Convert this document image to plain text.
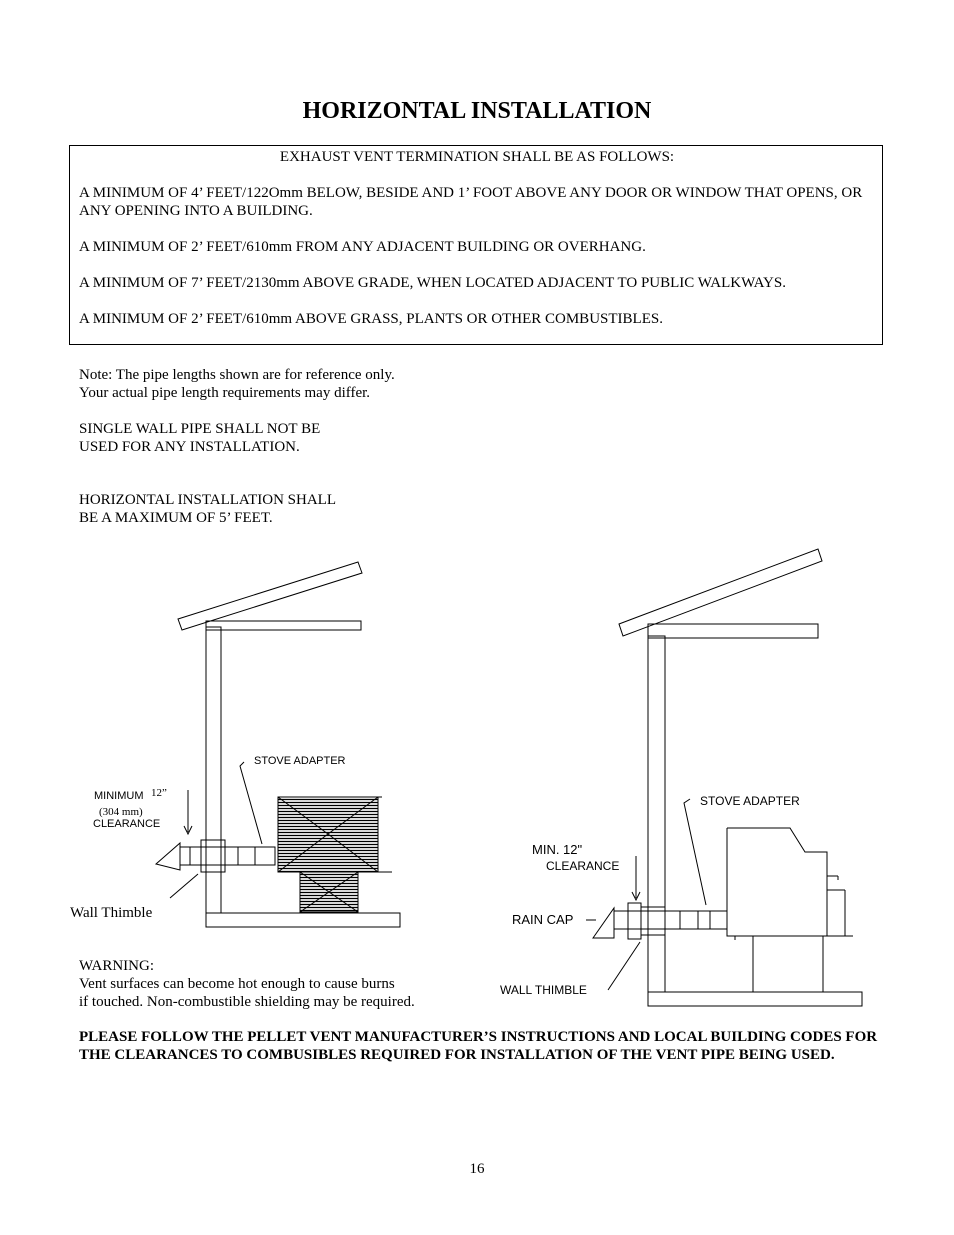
HORIZONTAL INSTALLATION
EXHAUST VENT TERMINATION SHALL BE AS FOLLOWS:
A MINIMUM OF 4’ FEET/122Omm BELOW, BESIDE AND 1’ FOOT ABOVE ANY DOOR OR WINDOW THAT OPENS, OR ANY OPENING INTO A BUILDING.
A MINIMUM OF 2’ FEET/610mm FROM ANY ADJACENT BUILDING OR OVERHANG.
A MINIMUM OF 7’ FEET/2130mm ABOVE GRADE, WHEN LOCATED ADJACENT TO PUBLIC WALKWAYS.
A MINIMUM OF 2’ FEET/610mm ABOVE GRASS, PLANTS OR OTHER COMBUSTIBLES.
Note: The pipe lengths shown are for reference only.
Your actual pipe length requirements may differ.
SINGLE WALL PIPE SHALL NOT BE
USED FOR ANY INSTALLATION.
HORIZONTAL INSTALLATION SHALL
BE A MAXIMUM OF 5’ FEET.
STOVE ADAPTER
MINIMUM 12”
(304 mm)
CLEARANCE
Wall Thimble
STOVE ADAPTER
MIN. 12"
CLEARANCE
RAIN CAP
WALL THIMBLE
WARNING:
Vent surfaces can become hot enough to cause burns
if touched. Non-combustible shielding may be required.
PLEASE FOLLOW THE PELLET VENT MANUFACTURER’S INSTRUCTIONS AND LOCAL BUILDING CODES FOR THE CLEARANCES TO COMBUSIBLES REQUIRED FOR INSTALLATION OF THE VENT PIPE BEING USED.
16
